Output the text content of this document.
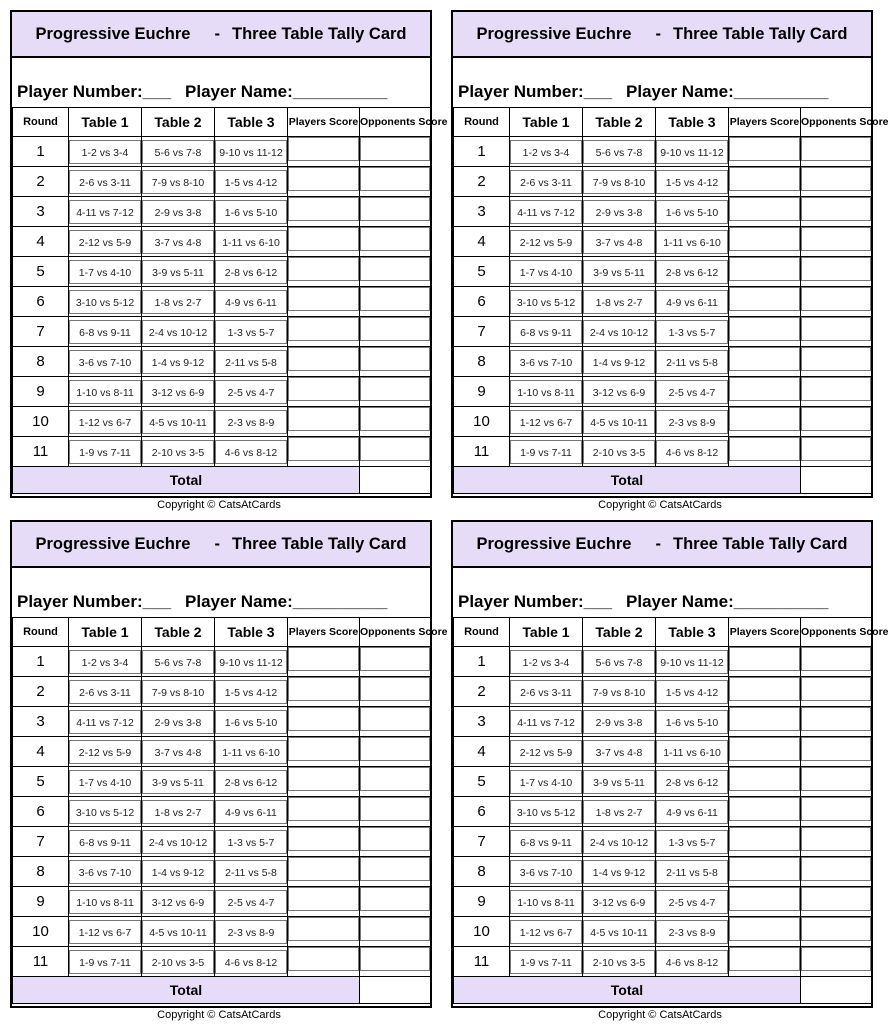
Progressive Euchre - Three Table Tally Card
Player Number:___ Player Name:__________
Round	Table 1	Table 2	Table 3	Players Score	Opponents Score
1	1-2 vs 3-4	5-6 vs 7-8	9-10 vs 11-12		
2	2-6 vs 3-11	7-9 vs 8-10	1-5 vs 4-12		
3	4-11 vs 7-12	2-9 vs 3-8	1-6 vs 5-10		
4	2-12 vs 5-9	3-7 vs 4-8	1-11 vs 6-10		
5	1-7 vs 4-10	3-9 vs 5-11	2-8 vs 6-12		
6	3-10 vs 5-12	1-8 vs 2-7	4-9 vs 6-11		
7	6-8 vs 9-11	2-4 vs 10-12	1-3 vs 5-7		
8	3-6 vs 7-10	1-4 vs 9-12	2-11 vs 5-8		
9	1-10 vs 8-11	3-12 vs 6-9	2-5 vs 4-7		
10	1-12 vs 6-7	4-5 vs 10-11	2-3 vs 8-9		
11	1-9 vs 7-11	2-10 vs 3-5	4-6 vs 8-12		
Total					
Copyright © CatsAtCards
Progressive Euchre - Three Table Tally Card
Player Number:___ Player Name:__________
Round	Table 1	Table 2	Table 3	Players Score	Opponents Score
1	1-2 vs 3-4	5-6 vs 7-8	9-10 vs 11-12		
2	2-6 vs 3-11	7-9 vs 8-10	1-5 vs 4-12		
3	4-11 vs 7-12	2-9 vs 3-8	1-6 vs 5-10		
4	2-12 vs 5-9	3-7 vs 4-8	1-11 vs 6-10		
5	1-7 vs 4-10	3-9 vs 5-11	2-8 vs 6-12		
6	3-10 vs 5-12	1-8 vs 2-7	4-9 vs 6-11		
7	6-8 vs 9-11	2-4 vs 10-12	1-3 vs 5-7		
8	3-6 vs 7-10	1-4 vs 9-12	2-11 vs 5-8		
9	1-10 vs 8-11	3-12 vs 6-9	2-5 vs 4-7		
10	1-12 vs 6-7	4-5 vs 10-11	2-3 vs 8-9		
11	1-9 vs 7-11	2-10 vs 3-5	4-6 vs 8-12		
Total					
Copyright © CatsAtCards
Progressive Euchre - Three Table Tally Card
Player Number:___ Player Name:__________
Round	Table 1	Table 2	Table 3	Players Score	Opponents Score
1	1-2 vs 3-4	5-6 vs 7-8	9-10 vs 11-12		
2	2-6 vs 3-11	7-9 vs 8-10	1-5 vs 4-12		
3	4-11 vs 7-12	2-9 vs 3-8	1-6 vs 5-10		
4	2-12 vs 5-9	3-7 vs 4-8	1-11 vs 6-10		
5	1-7 vs 4-10	3-9 vs 5-11	2-8 vs 6-12		
6	3-10 vs 5-12	1-8 vs 2-7	4-9 vs 6-11		
7	6-8 vs 9-11	2-4 vs 10-12	1-3 vs 5-7		
8	3-6 vs 7-10	1-4 vs 9-12	2-11 vs 5-8		
9	1-10 vs 8-11	3-12 vs 6-9	2-5 vs 4-7		
10	1-12 vs 6-7	4-5 vs 10-11	2-3 vs 8-9		
11	1-9 vs 7-11	2-10 vs 3-5	4-6 vs 8-12		
Total					
Copyright © CatsAtCards
Progressive Euchre - Three Table Tally Card
Player Number:___ Player Name:__________
Round	Table 1	Table 2	Table 3	Players Score	Opponents Score
1	1-2 vs 3-4	5-6 vs 7-8	9-10 vs 11-12		
2	2-6 vs 3-11	7-9 vs 8-10	1-5 vs 4-12		
3	4-11 vs 7-12	2-9 vs 3-8	1-6 vs 5-10		
4	2-12 vs 5-9	3-7 vs 4-8	1-11 vs 6-10		
5	1-7 vs 4-10	3-9 vs 5-11	2-8 vs 6-12		
6	3-10 vs 5-12	1-8 vs 2-7	4-9 vs 6-11		
7	6-8 vs 9-11	2-4 vs 10-12	1-3 vs 5-7		
8	3-6 vs 7-10	1-4 vs 9-12	2-11 vs 5-8		
9	1-10 vs 8-11	3-12 vs 6-9	2-5 vs 4-7		
10	1-12 vs 6-7	4-5 vs 10-11	2-3 vs 8-9		
11	1-9 vs 7-11	2-10 vs 3-5	4-6 vs 8-12		
Total					
Copyright © CatsAtCards
